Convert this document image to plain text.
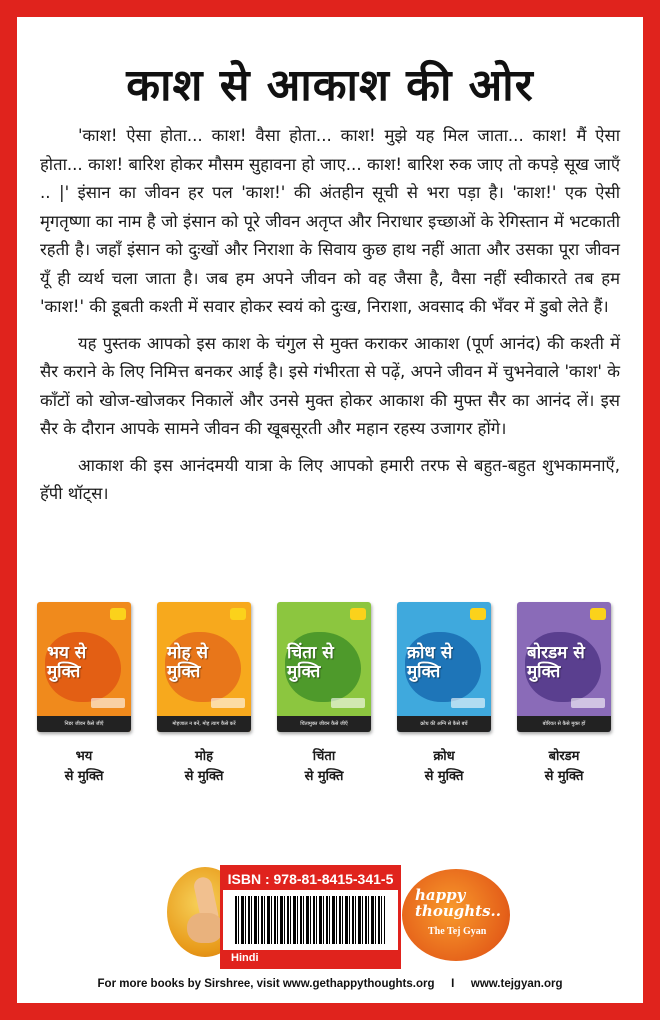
काश से आकाश की ओर

'काश! ऐसा होता... काश! वैसा होता... काश! मुझे यह मिल जाता... काश! मैं ऐसा होता... काश! बारिश होकर मौसम सुहावना हो जाए... काश! बारिश रुक जाए तो कपड़े सूख जाएँ .. |' इंसान का जीवन हर पल 'काश!' की अंतहीन सूची से भरा पड़ा है। 'काश!' एक ऐसी मृगतृष्णा का नाम है जो इंसान को पूरे जीवन अतृप्त और निराधार इच्छाओं के रेगिस्तान में भटकाती रहती है। जहाँ इंसान को दुःखों और निराशा के सिवाय कुछ हाथ नहीं आता और उसका पूरा जीवन यूँ ही व्यर्थ चला जाता है। जब हम अपने जीवन को वह जैसा है, वैसा नहीं स्वीकारते तब हम 'काश!' की डूबती कश्ती में सवार होकर स्वयं को दुःख, निराशा, अवसाद की भँवर में डुबो लेते हैं।

यह पुस्तक आपको इस काश के चंगुल से मुक्त कराकर आकाश (पूर्ण आनंद) की कश्ती में सैर कराने के लिए निमित्त बनकर आई है। इसे गंभीरता से पढ़ें, अपने जीवन में चुभनेवाले 'काश' के काँटों को खोज-खोजकर निकालें और उनसे मुक्त होकर आकाश की मुफ्त सैर का आनंद लें। इस सैर के दौरान आपके सामने जीवन की खूबसूरती और महान रहस्य उजागर होंगे।

आकाश की इस आनंदमयी यात्रा के लिए आपको हमारी तरफ से बहुत-बहुत शुभकामनाएँ, हॅपी थॉट्स।

भय से मुक्ति
निडर जीवन कैसे जीएँ
भय
से मुक्ति
मोह से मुक्ति
मोहजाल न बनें, मोह त्याग कैसे करें
मोह
से मुक्ति
चिंता से मुक्ति
चिंतामुक्त जीवन कैसे जीएँ
चिंता
से मुक्ति
क्रोध से मुक्ति
क्रोध की अग्नि से कैसे बचें
क्रोध
से मुक्ति
बोरडम से मुक्ति
बोरियत से कैसे मुक्त हों
बोरडम
से मुक्ति
ISBN : 978-81-8415-341-5
Hindi
happy
thoughts..
The Tej Gyan
For more books by Sirshree, visit www.gethappythoughts.org I www.tejgyan.org
